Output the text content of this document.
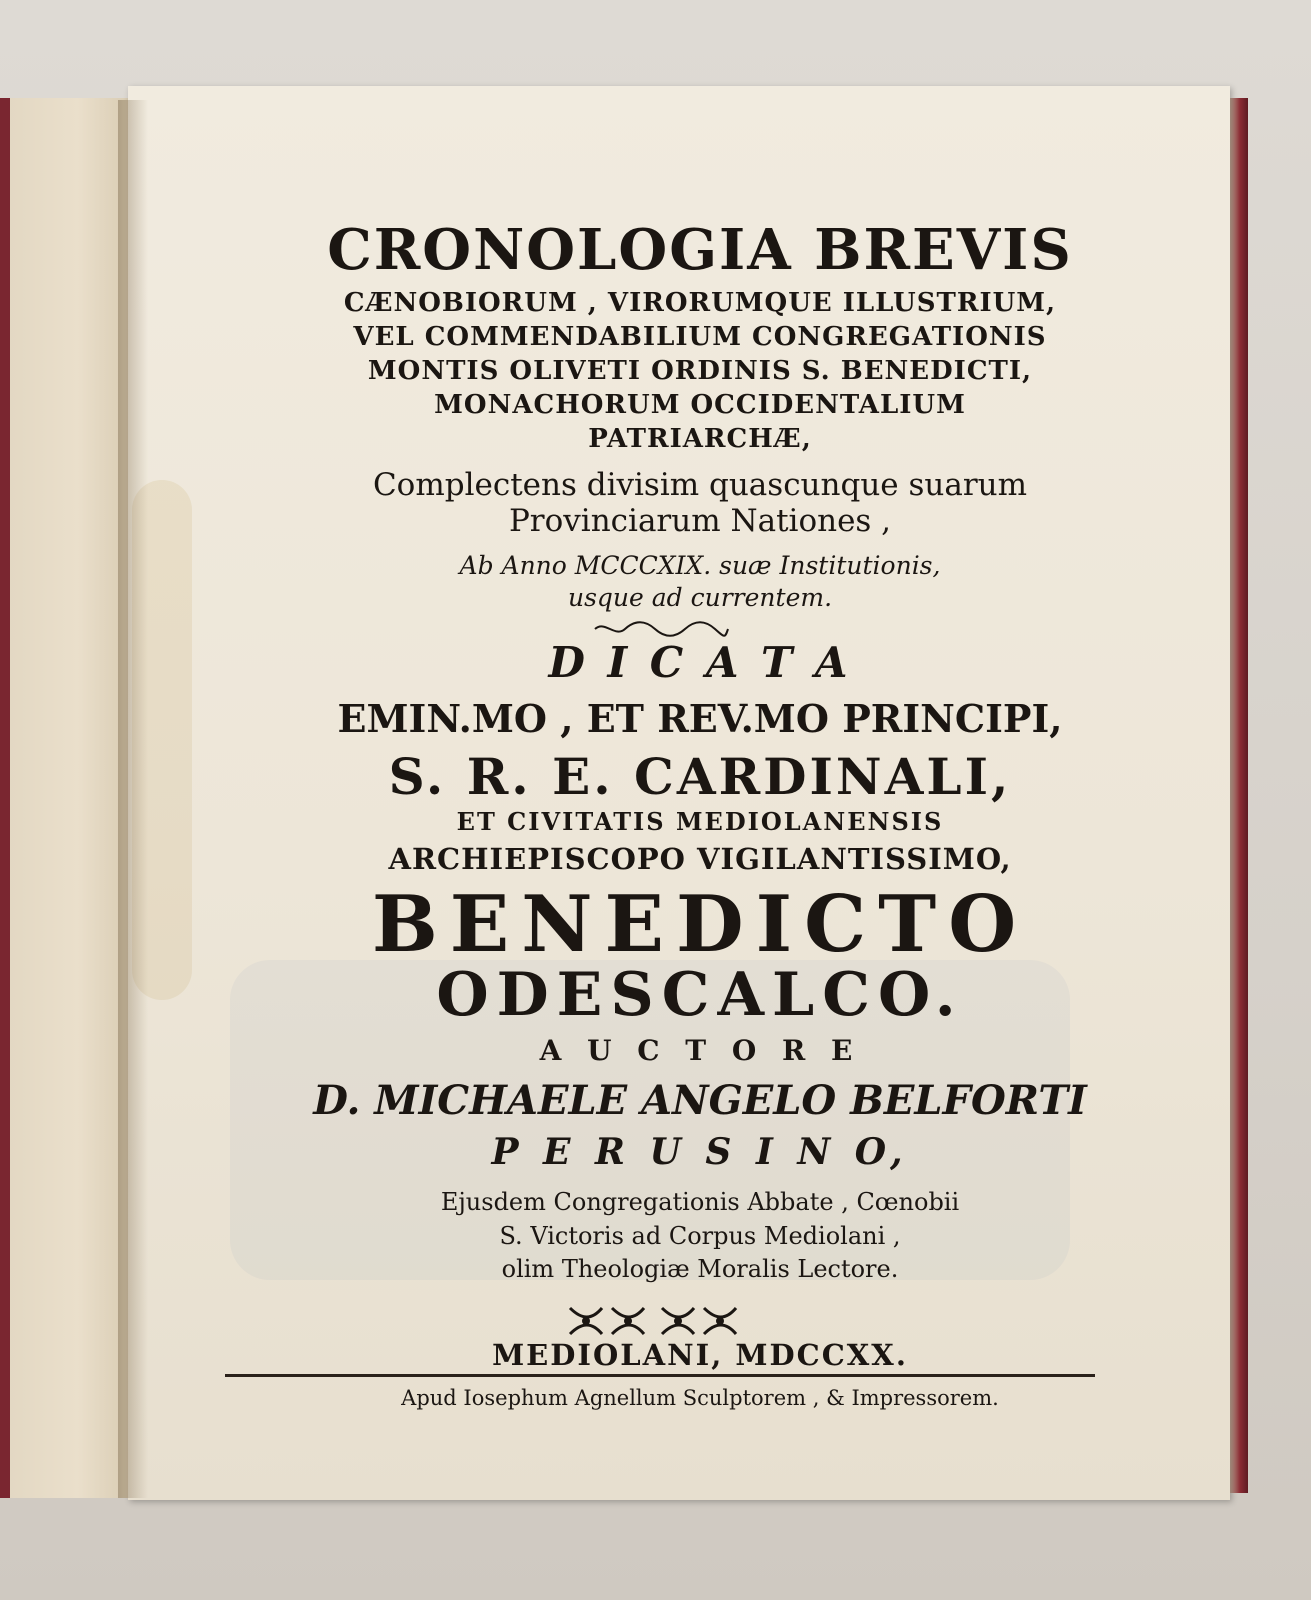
CRONOLOGIA BREVIS
CÆNOBIORUM , VIRORUMQUE ILLUSTRIUM,
VEL COMMENDABILIUM CONGREGATIONIS
MONTIS OLIVETI ORDINIS S. BENEDICTI,
MONACHORUM OCCIDENTALIUM
PATRIARCHÆ,
Complectens divisim quascunque suarum
Provinciarum Nationes ,
Ab Anno MCCCXIX. suæ Institutionis,
usque ad currentem.
D I C A T A
EMIN.MO , ET REV.MO PRINCIPI,
S. R. E. CARDINALI,
ET CIVITATIS MEDIOLANENSIS
ARCHIEPISCOPO VIGILANTISSIMO,
BENEDICTO
ODESCALCO.
A U C T O R E
D. MICHAELE ANGELO BELFORTI
P E R U S I N O,
Ejusdem Congregationis Abbate , Cœnobii
S. Victoris ad Corpus Mediolani ,
olim Theologiæ Moralis Lectore.
MEDIOLANI, MDCCXX.
Apud Iosephum Agnellum Sculptorem , & Impressorem.
